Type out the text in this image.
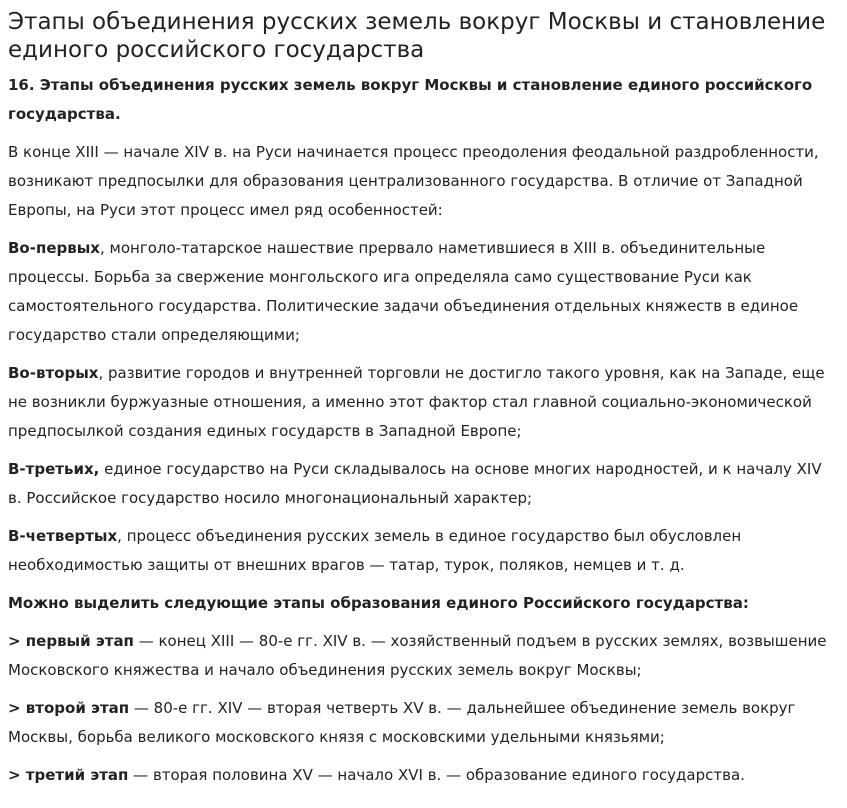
Этапы объединения русских земель вокруг Москвы и становление единого российского государства

16. Этапы объединения русских земель вокруг Москвы и становление единого российского государства.

В конце XIII — начале XIV в. на Руси начинается процесс преодоления феодальной раздробленности, возникают предпосылки для образования централизованного государства. В отличие от Западной Европы, на Руси этот процесс имел ряд особенностей:

Во-первых, монголо-татарское нашествие прервало наметившиеся в XIII в. объединительные процессы. Борьба за свержение монгольского ига определяла само существование Руси как самостоятельного государства. Политические задачи объединения отдельных княжеств в единое государство стали определяющими;

Во-вторых, развитие городов и внутренней торговли не достигло такого уровня, как на Западе, еще не возникли буржуазные отношения, а именно этот фактор стал главной социально-экономической предпосылкой создания единых государств в Западной Европе;

В-третьих, единое государство на Руси складывалось на основе многих народностей, и к началу XIV в. Российское государство носило многонациональный характер;

В-четвертых, процесс объединения русских земель в единое государство был обусловлен необходимостью защиты от внешних врагов — татар, турок, поляков, немцев и т. д.

Можно выделить следующие этапы образования единого Российского государства:

> первый этап — конец XIII — 80-е гг. XIV в. — хозяйственный подъем в русских землях, возвышение Московского княжества и начало объединения русских земель вокруг Москвы;

> второй этап — 80-е гг. XIV — вторая четверть XV в. — дальнейшее объединение земель вокруг Москвы, борьба великого московского князя с московскими удельными князьями;

> третий этап — вторая половина XV — начало XVI в. — образование единого государства.
